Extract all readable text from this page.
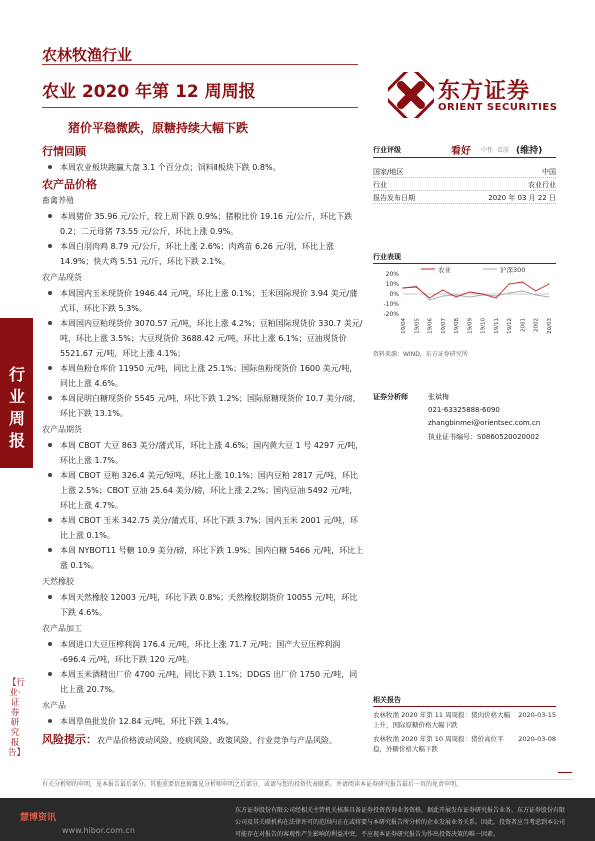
农林牧渔行业
农业 2020 年第 12 周周报
猪价平稳微跌，原糖持续大幅下跌
东方证券
ORIENT SECURITIES
行业周报
【行业·证券研究报告】
行情回顾
本周农业板块跑赢大盘 3.1 个百分点；饲料Ⅱ板块下跌 0.8%。
农产品价格
畜禽养殖
本周猪价 35.96 元/公斤，较上周下跌 0.9%；猪粮比价 19.16 元/公斤，环比下跌 0.2；二元母猪 73.55 元/公斤，环比上涨 0.9%。
本周白羽肉鸡 8.79 元/公斤，环比上涨 2.6%；肉鸡苗 6.26 元/羽，环比上涨 14.9%；快大鸡 5.51 元/斤，环比下跌 2.1%。
农产品现货
本周国内玉米现货价 1946.44 元/吨，环比上涨 0.1%；玉米国际现价 3.94 美元/蒲式耳，环比下跌 5.3%。
本周国内豆粕现货价 3070.57 元/吨，环比上涨 4.2%；豆粕国际现货价 330.7 美元/吨，环比上涨 3.5%；大豆现货价 3688.42 元/吨，环比上涨 6.1%；豆油现货价 5521.67 元/吨，环比上涨 4.1%；
本周鱼粉仓库价 11950 元/吨，同比上涨 25.1%；国际鱼粉现货价 1600 美元/吨，同比上涨 4.6%。
本周昆明白糖现货价 5545 元/吨，环比下跌 1.2%；国际原糖现货价 10.7 美分/磅，环比下跌 13.1%。
农产品期货
本周 CBOT 大豆 863 美分/蒲式耳，环比上涨 4.6%；国内黄大豆 1 号 4297 元/吨，环比上涨 1.7%。
本周 CBOT 豆粕 326.4 美元/短吨，环比上涨 10.1%；国内豆粕 2817 元/吨，环比上涨 2.5%；CBOT 豆油 25.64 美分/磅，环比上涨 2.2%；国内豆油 5492 元/吨，环比上涨 4.7%。
本周 CBOT 玉米 342.75 美分/蒲式耳，环比下跌 3.7%；国内玉米 2001 元/吨，环比上涨 0.1%。
本周 NYBOT11 号糖 10.9 美分/磅，环比下跌 1.9%；国内白糖 5466 元/吨，环比上涨 0.1%。
天然橡胶
本周天然橡胶 12003 元/吨，环比下跌 0.8%；天然橡胶期货价 10055 元/吨，环比下跌 4.6%。
农产品加工
本周进口大豆压榨利润 176.4 元/吨，环比上涨 71.7 元/吨；国产大豆压榨利润 -696.4 元/吨，环比下跌 120 元/吨。
本周玉米酒精出厂价 4700 元/吨，同比下跌 1.1%；DDGS 出厂价 1750 元/吨，同比上涨 20.7%。
水产品
本周草鱼批发价 12.84 元/吨，环比下跌 1.4%。
风险提示：农产品价格波动风险、疫病风险、政策风险、行业竞争与产品风险。
行业评级	看好 中性 看淡 (维持)
国家/地区	中国
行业	农业行业
报告发布日期	2020 年 03 月 22 日
行业表现
农业	沪深300
20%
10%
0%
-10%
-20%
19/04 19/05 19/06 19/07 19/08 19/09 19/10 19/11 19/12 2001 2002 20/03
资料来源：WIND，东方证券研究所
证券分析师	张斌梅
021-63325888-6090
zhangbinmei@orientsec.com.cn
执业证书编号：S0860520020002
相关报告
农林牧渔 2020 年第 11 周周报：猪肉价格大幅上升，国际原糖价格大幅下跌
2020-03-15
农林牧渔 2020 年第 10 周周报：猪价高位平稳，外糖价格大幅下跌
2020-03-08
有关分析师的申明，见本报告最后部分。其他重要信息披露见分析师申明之后部分，或请与您的投资代表联系。并请阅读本证券研究报告最后一页的免责申明。
慧博资讯
www.hibor.com.cn
东方证券股份有限公司经相关主管机关核准具备证券投资咨询业务资格，据此开展发布证券研究报告业务。东方证券股份有限公司及其关联机构在法律许可的范围内正在或将要与本研究报告所分析的企业发展业务关系。因此，投资者应当考虑到本公司可能存在对报告的客观性产生影响的利益冲突，不应视本证券研究报告为作出投资决策的唯一因素。
